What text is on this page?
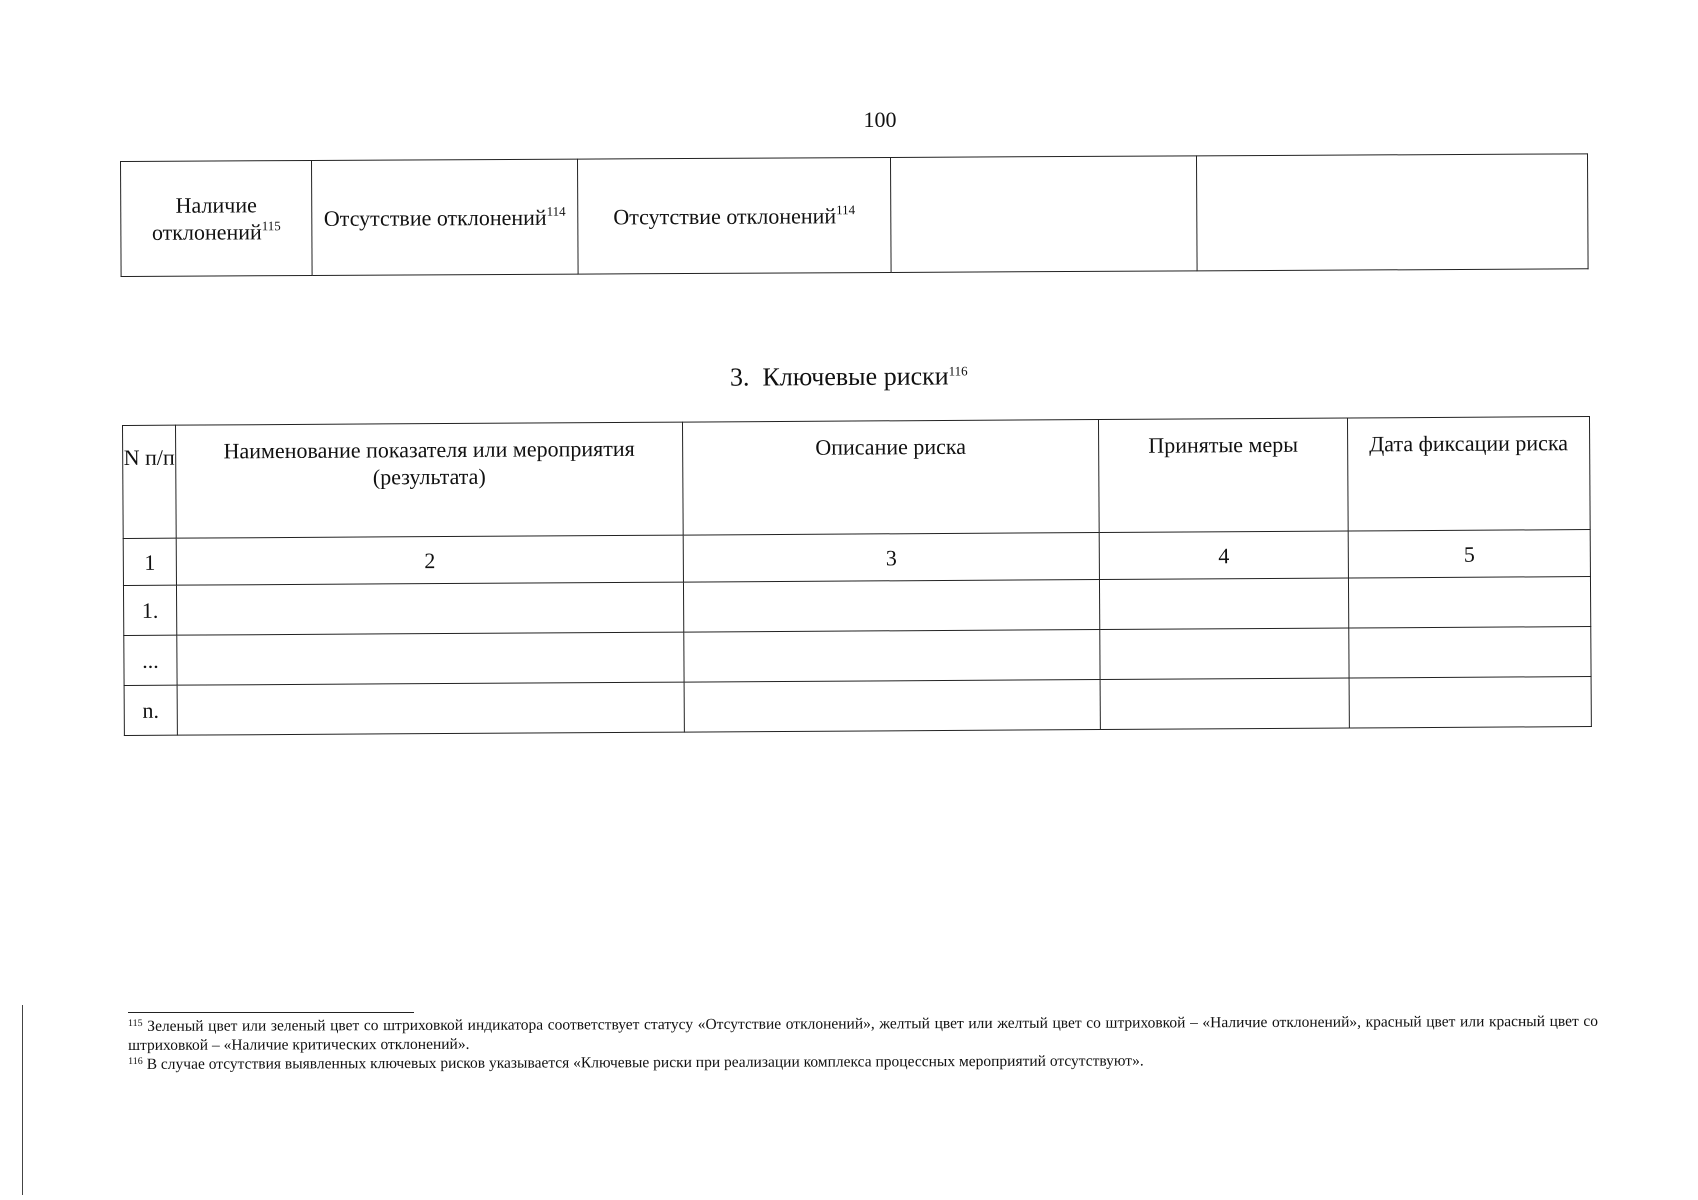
100
Наличие отклонений$^{115}$	Отсутствие отклонений$^{114}$	Отсутствие отклонений$^{114}$		
3. Ключевые риски$^{116}$
N п/п	Наименование показателя или мероприятия (результата)	Описание риска	Принятые меры	Дата фиксации риска
1	2	3	4	5
1.				
...				
n.				

$^{115}$ Зеленый цвет или зеленый цвет со штриховкой индикатора соответствует статусу «Отсутствие отклонений», желтый цвет или желтый цвет со штриховкой – «Наличие отклонений», красный цвет или красный цвет со штриховкой – «Наличие критических отклонений».

$^{116}$ В случае отсутствия выявленных ключевых рисков указывается «Ключевые риски при реализации комплекса процессных мероприятий отсутствуют».
